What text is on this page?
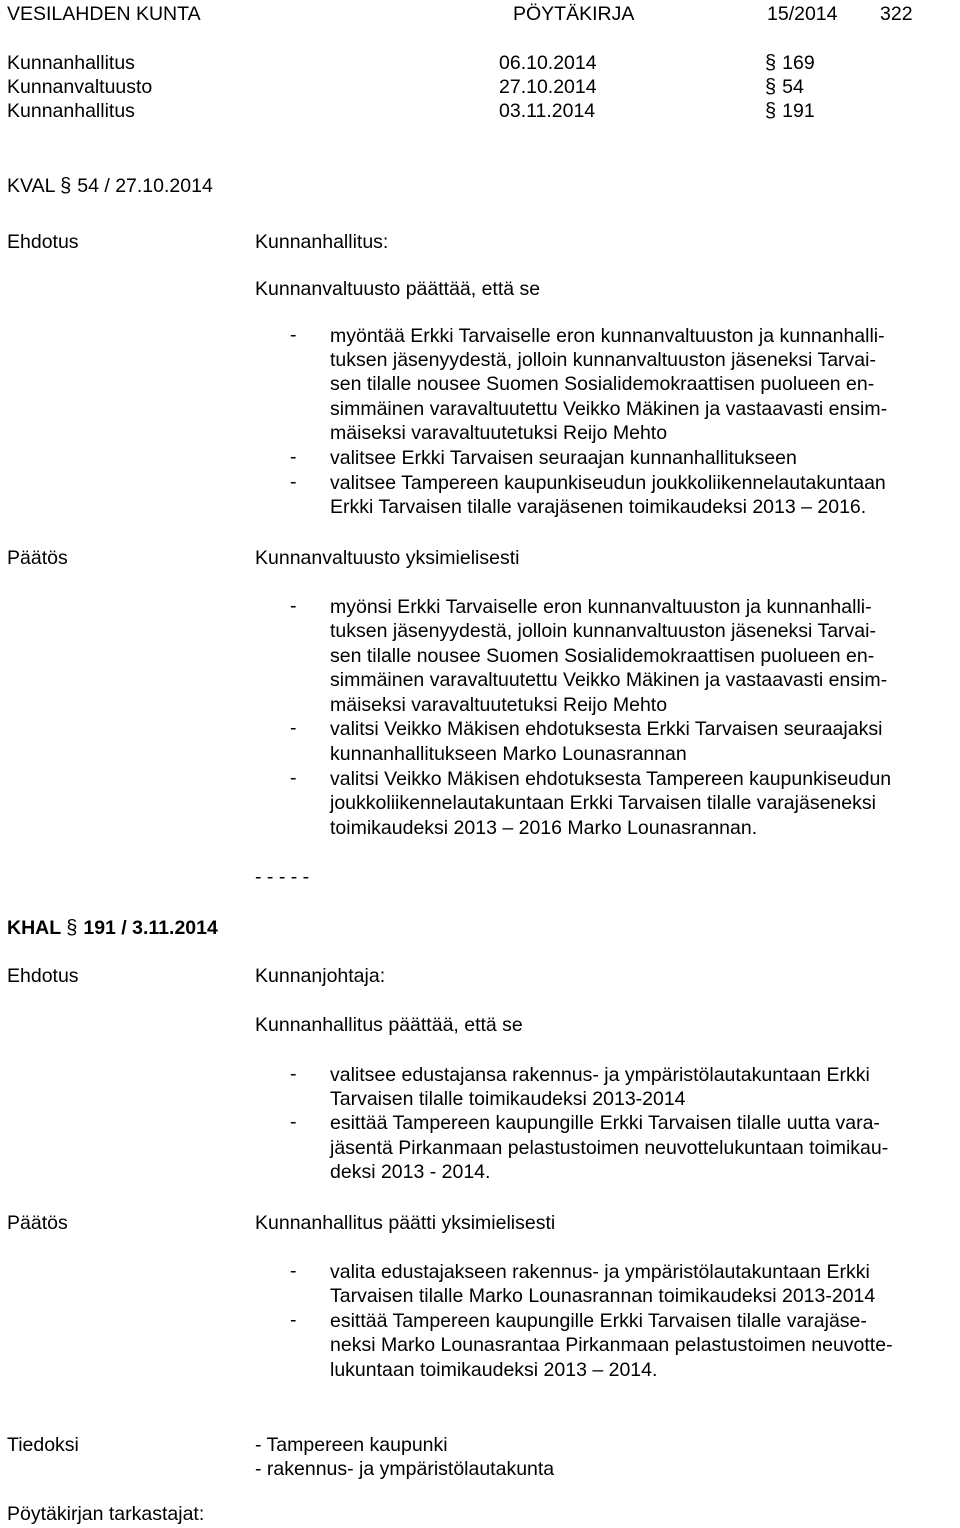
VESILAHDEN KUNTA	PÖYTÄKIRJA	15/2014 322
Kunnanhallitus	06.10.2014	§ 169
Kunnanvaltuusto	27.10.2014	§ 54
Kunnanhallitus	03.11.2014	§ 191
KVAL § 54 / 27.10.2014
Ehdotus	Kunnanhallitus:
Kunnanvaltuusto päättää, että se
- myöntää Erkki Tarvaiselle eron kunnanvaltuuston ja kunnanhalli-
tuksen jäsenyydestä, jolloin kunnanvaltuuston jäseneksi Tarvai-
sen tilalle nousee Suomen Sosialidemokraattisen puolueen en-
simmäinen varavaltuutettu Veikko Mäkinen ja vastaavasti ensim-
mäiseksi varavaltuutetuksi Reijo Mehto
- valitsee Erkki Tarvaisen seuraajan kunnanhallitukseen
- valitsee Tampereen kaupunkiseudun joukkoliikennelautakuntaan
Erkki Tarvaisen tilalle varajäsenen toimikaudeksi 2013 – 2016.
Päätös	Kunnanvaltuusto yksimielisesti
- myönsi Erkki Tarvaiselle eron kunnanvaltuuston ja kunnanhalli-
tuksen jäsenyydestä, jolloin kunnanvaltuuston jäseneksi Tarvai-
sen tilalle nousee Suomen Sosialidemokraattisen puolueen en-
simmäinen varavaltuutettu Veikko Mäkinen ja vastaavasti ensim-
mäiseksi varavaltuutetuksi Reijo Mehto
- valitsi Veikko Mäkisen ehdotuksesta Erkki Tarvaisen seuraajaksi
kunnanhallitukseen Marko Lounasrannan
- valitsi Veikko Mäkisen ehdotuksesta Tampereen kaupunkiseudun
joukkoliikennelautakuntaan Erkki Tarvaisen tilalle varajäseneksi
toimikaudeksi 2013 – 2016 Marko Lounasrannan.
- - - - -
KHAL § 191 / 3.11.2014
Ehdotus	Kunnanjohtaja:
Kunnanhallitus päättää, että se
- valitsee edustajansa rakennus- ja ympäristölautakuntaan Erkki
Tarvaisen tilalle toimikaudeksi 2013-2014
- esittää Tampereen kaupungille Erkki Tarvaisen tilalle uutta vara-
jäsentä Pirkanmaan pelastustoimen neuvottelukuntaan toimikau-
deksi 2013 - 2014.
Päätös	Kunnanhallitus päätti yksimielisesti
- valita edustajakseen rakennus- ja ympäristölautakuntaan Erkki
Tarvaisen tilalle Marko Lounasrannan toimikaudeksi 2013-2014
- esittää Tampereen kaupungille Erkki Tarvaisen tilalle varajäse-
neksi Marko Lounasrantaa Pirkanmaan pelastustoimen neuvotte-
lukuntaan toimikaudeksi 2013 – 2014.
Tiedoksi	- Tampereen kaupunki
- rakennus- ja ympäristölautakunta
Pöytäkirjan tarkastajat:
